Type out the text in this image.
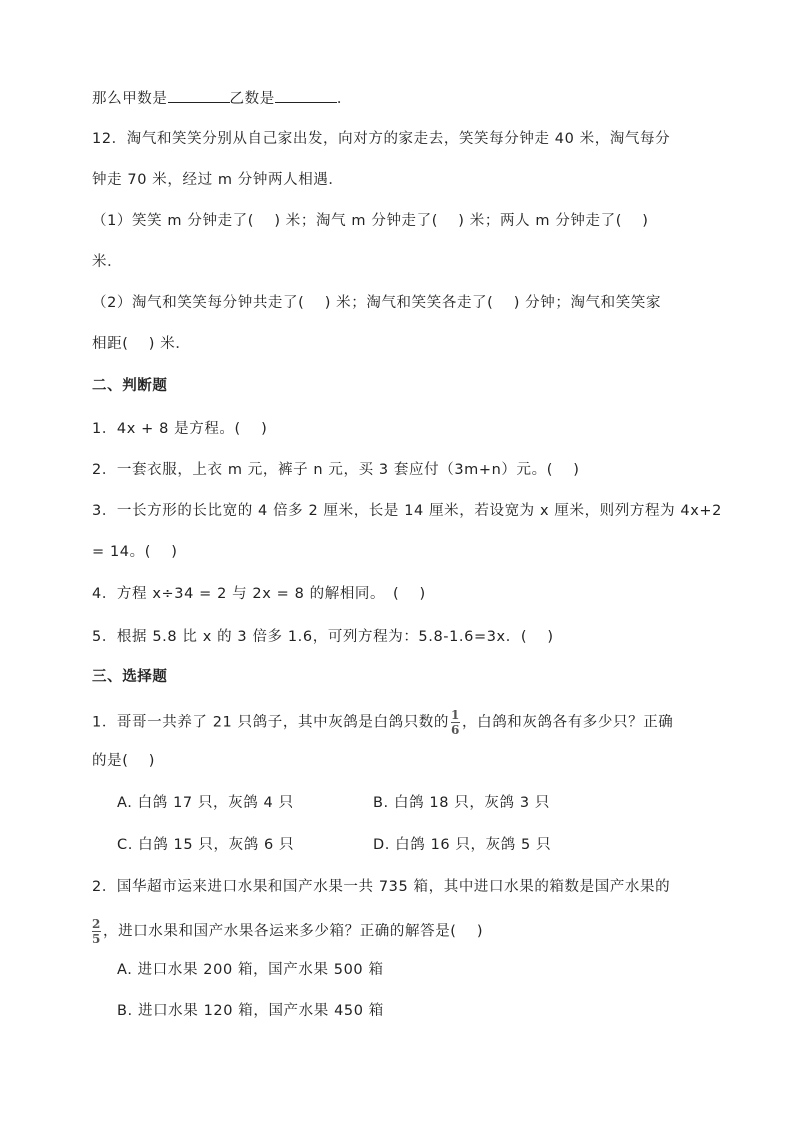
那么甲数是	乙数是	．
12．淘气和笑笑分别从自己家出发，向对方的家走去，笑笑每分钟走 40 米，淘气每分
钟走 70 米，经过 m 分钟两人相遇．
（1）笑笑 m 分钟走了(　 ) 米；淘气 m 分钟走了(　 ) 米；两人 m 分钟走了(　 )
米．
（2）淘气和笑笑每分钟共走了(　 ) 米；淘气和笑笑各走了(　 ) 分钟；淘气和笑笑家
相距(　 ) 米．
二、判断题
1．4x + 8 是方程。(　 )
2．一套衣服，上衣 m 元，裤子 n 元，买 3 套应付（3m+n）元。(　 )
3．一长方形的长比宽的 4 倍多 2 厘米，长是 14 厘米，若设宽为 x 厘米，则列方程为 4x+2
= 14。(　 )
4．方程 x÷34 = 2 与 2x = 8 的解相同。　(　 )
5．根据 5.8 比 x 的 3 倍多 1.6，可列方程为：5.8-1.6=3x．(　 )
三、选择题
1．哥哥一共养了 21 只鸽子，其中灰鸽是白鸽只数的 $\frac{1}{6}$ ，白鸽和灰鸽各有多少只？正确
的是(　 )
A. 白鸽 17 只，灰鸽 4 只	B. 白鸽 18 只，灰鸽 3 只
C. 白鸽 15 只，灰鸽 6 只	D. 白鸽 16 只，灰鸽 5 只
2．国华超市运来进口水果和国产水果一共 735 箱，其中进口水果的箱数是国产水果的
$\frac{2}{5}$ ，进口水果和国产水果各运来多少箱？正确的解答是(　 )
A. 进口水果 200 箱，国产水果 500 箱
B. 进口水果 120 箱，国产水果 450 箱
